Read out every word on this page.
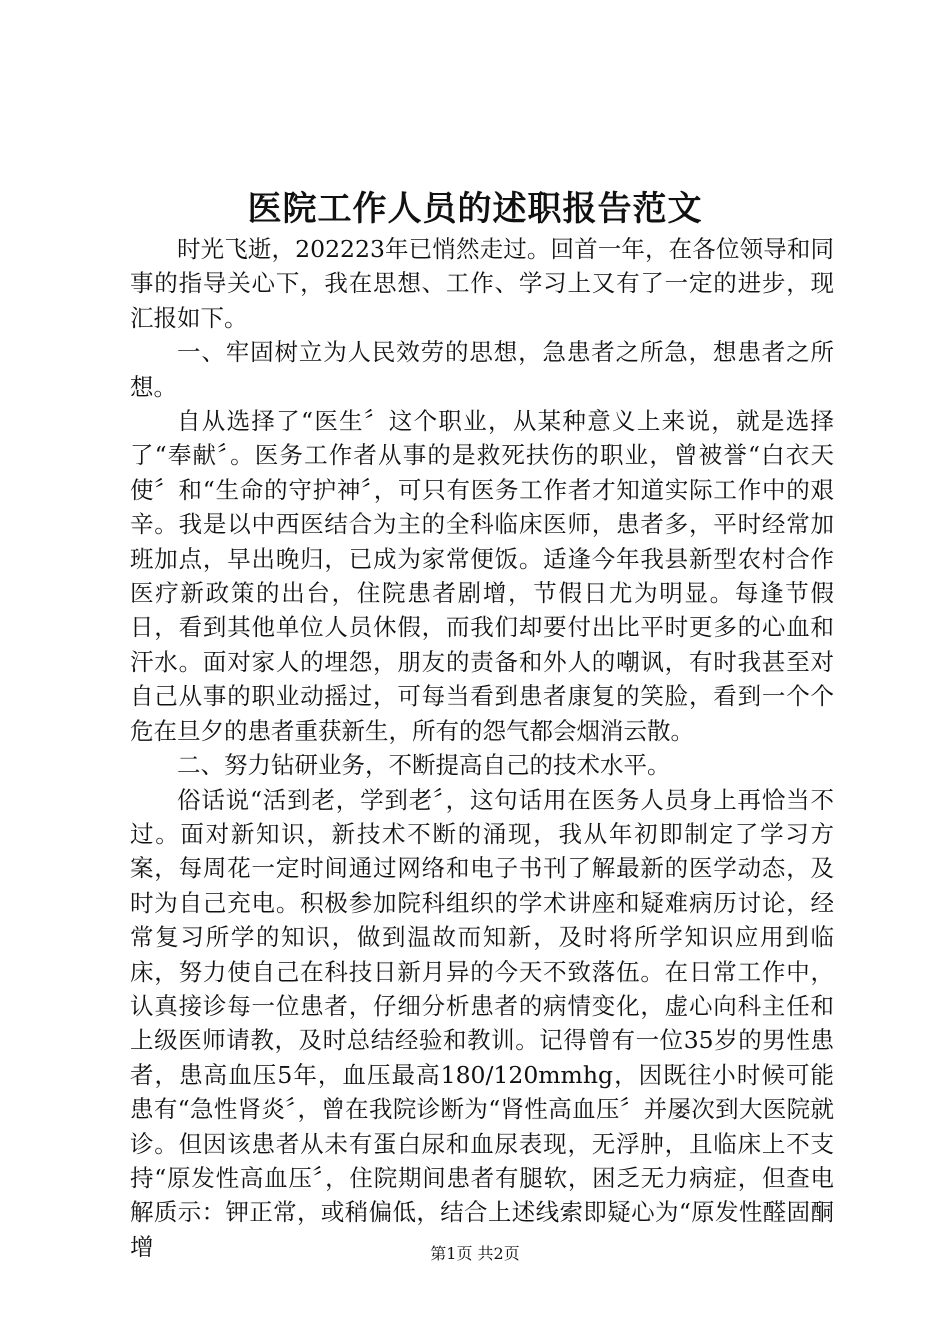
医院工作人员的述职报告范文

时光飞逝，202223年已悄然走过。回首一年，在各位领导和同事的指导关心下，我在思想、工作、学习上又有了一定的进步，现汇报如下。

一、牢固树立为人民效劳的思想，急患者之所急，想患者之所想。

自从选择了“医生〞这个职业，从某种意义上来说，就是选择了“奉献〞。医务工作者从事的是救死扶伤的职业，曾被誉“白衣天使〞和“生命的守护神〞，可只有医务工作者才知道实际工作中的艰辛。我是以中西医结合为主的全科临床医师，患者多，平时经常加班加点，早出晚归，已成为家常便饭。适逢今年我县新型农村合作医疗新政策的出台，住院患者剧增，节假日尤为明显。每逢节假日，看到其他单位人员休假，而我们却要付出比平时更多的心血和汗水。面对家人的埋怨，朋友的责备和外人的嘲讽，有时我甚至对自己从事的职业动摇过，可每当看到患者康复的笑脸，看到一个个危在旦夕的患者重获新生，所有的怨气都会烟消云散。

二、努力钻研业务，不断提高自己的技术水平。

俗话说“活到老，学到老〞，这句话用在医务人员身上再恰当不过。面对新知识，新技术不断的涌现，我从年初即制定了学习方案，每周花一定时间通过网络和电子书刊了解最新的医学动态，及时为自己充电。积极参加院科组织的学术讲座和疑难病历讨论，经常复习所学的知识，做到温故而知新，及时将所学知识应用到临床，努力使自己在科技日新月异的今天不致落伍。在日常工作中，认真接诊每一位患者，仔细分析患者的病情变化，虚心向科主任和上级医师请教，及时总结经验和教训。记得曾有一位35岁的男性患者，患高血压5年，血压最高180/120mmhg，因既往小时候可能患有“急性肾炎〞，曾在我院诊断为“肾性高血压〞并屡次到大医院就诊。但因该患者从未有蛋白尿和血尿表现，无浮肿，且临床上不支持“原发性高血压〞，住院期间患者有腿软，困乏无力病症，但查电解质示：钾正常，或稍偏低，结合上述线索即疑心为“原发性醛固酮增	第1页 共2页
